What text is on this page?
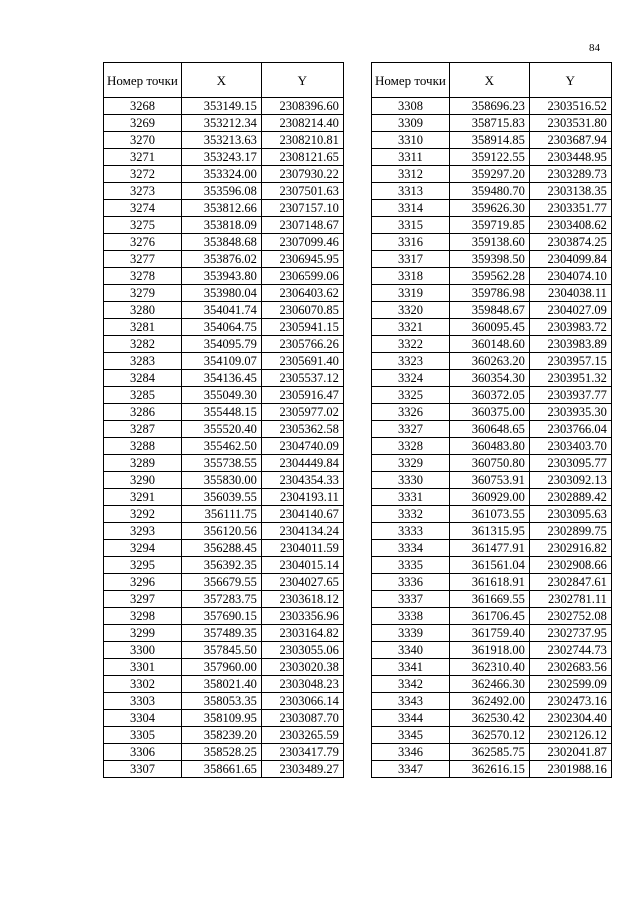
84
Номер точки	X	Y
3268	353149.15	2308396.60
3269	353212.34	2308214.40
3270	353213.63	2308210.81
3271	353243.17	2308121.65
3272	353324.00	2307930.22
3273	353596.08	2307501.63
3274	353812.66	2307157.10
3275	353818.09	2307148.67
3276	353848.68	2307099.46
3277	353876.02	2306945.95
3278	353943.80	2306599.06
3279	353980.04	2306403.62
3280	354041.74	2306070.85
3281	354064.75	2305941.15
3282	354095.79	2305766.26
3283	354109.07	2305691.40
3284	354136.45	2305537.12
3285	355049.30	2305916.47
3286	355448.15	2305977.02
3287	355520.40	2305362.58
3288	355462.50	2304740.09
3289	355738.55	2304449.84
3290	355830.00	2304354.33
3291	356039.55	2304193.11
3292	356111.75	2304140.67
3293	356120.56	2304134.24
3294	356288.45	2304011.59
3295	356392.35	2304015.14
3296	356679.55	2304027.65
3297	357283.75	2303618.12
3298	357690.15	2303356.96
3299	357489.35	2303164.82
3300	357845.50	2303055.06
3301	357960.00	2303020.38
3302	358021.40	2303048.23
3303	358053.35	2303066.14
3304	358109.95	2303087.70
3305	358239.20	2303265.59
3306	358528.25	2303417.79
3307	358661.65	2303489.27
Номер точки	X	Y
3308	358696.23	2303516.52
3309	358715.83	2303531.80
3310	358914.85	2303687.94
3311	359122.55	2303448.95
3312	359297.20	2303289.73
3313	359480.70	2303138.35
3314	359626.30	2303351.77
3315	359719.85	2303408.62
3316	359138.60	2303874.25
3317	359398.50	2304099.84
3318	359562.28	2304074.10
3319	359786.98	2304038.11
3320	359848.67	2304027.09
3321	360095.45	2303983.72
3322	360148.60	2303983.89
3323	360263.20	2303957.15
3324	360354.30	2303951.32
3325	360372.05	2303937.77
3326	360375.00	2303935.30
3327	360648.65	2303766.04
3328	360483.80	2303403.70
3329	360750.80	2303095.77
3330	360753.91	2303092.13
3331	360929.00	2302889.42
3332	361073.55	2303095.63
3333	361315.95	2302899.75
3334	361477.91	2302916.82
3335	361561.04	2302908.66
3336	361618.91	2302847.61
3337	361669.55	2302781.11
3338	361706.45	2302752.08
3339	361759.40	2302737.95
3340	361918.00	2302744.73
3341	362310.40	2302683.56
3342	362466.30	2302599.09
3343	362492.00	2302473.16
3344	362530.42	2302304.40
3345	362570.12	2302126.12
3346	362585.75	2302041.87
3347	362616.15	2301988.16
